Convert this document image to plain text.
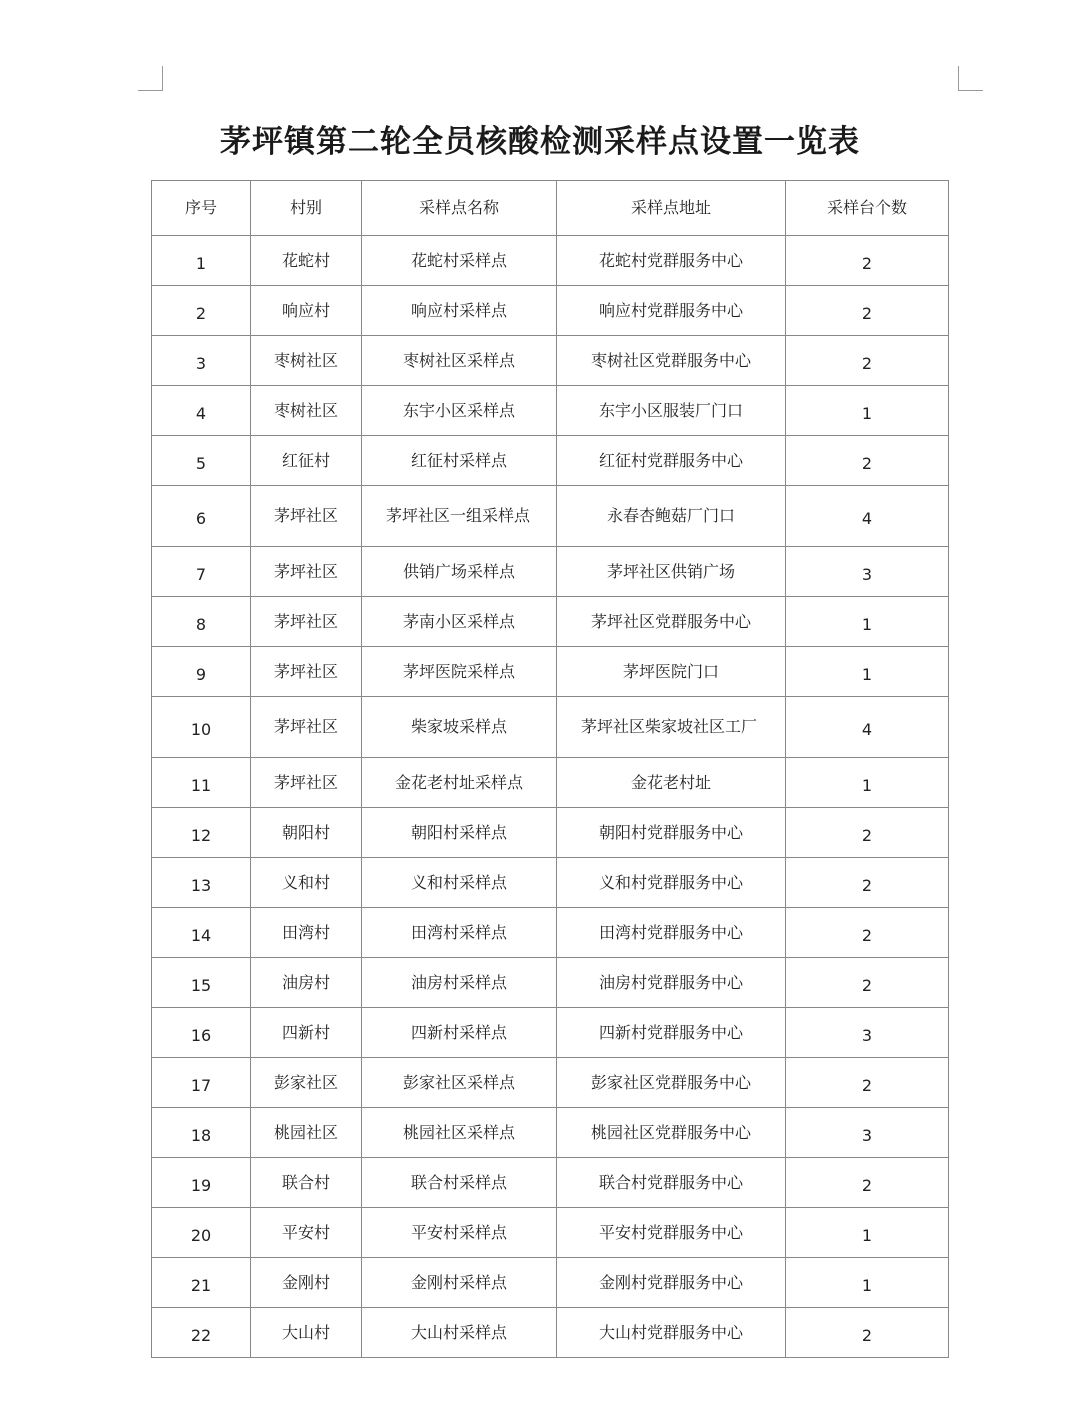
茅坪镇第二轮全员核酸检测采样点设置一览表
序号	村别	采样点名称	采样点地址	采样台个数
1	花蛇村	花蛇村采样点	花蛇村党群服务中心	2
2	响应村	响应村采样点	响应村党群服务中心	2
3	枣树社区	枣树社区采样点	枣树社区党群服务中心	2
4	枣树社区	东宇小区采样点	东宇小区服装厂门口	1
5	红征村	红征村采样点	红征村党群服务中心	2
6	茅坪社区	茅坪社区一组采样点	永春杏鲍菇厂门口	4
7	茅坪社区	供销广场采样点	茅坪社区供销广场	3
8	茅坪社区	茅南小区采样点	茅坪社区党群服务中心	1
9	茅坪社区	茅坪医院采样点	茅坪医院门口	1
10	茅坪社区	柴家坡采样点	茅坪社区柴家坡社区工厂	4
11	茅坪社区	金花老村址采样点	金花老村址	1
12	朝阳村	朝阳村采样点	朝阳村党群服务中心	2
13	义和村	义和村采样点	义和村党群服务中心	2
14	田湾村	田湾村采样点	田湾村党群服务中心	2
15	油房村	油房村采样点	油房村党群服务中心	2
16	四新村	四新村采样点	四新村党群服务中心	3
17	彭家社区	彭家社区采样点	彭家社区党群服务中心	2
18	桃园社区	桃园社区采样点	桃园社区党群服务中心	3
19	联合村	联合村采样点	联合村党群服务中心	2
20	平安村	平安村采样点	平安村党群服务中心	1
21	金刚村	金刚村采样点	金刚村党群服务中心	1
22	大山村	大山村采样点	大山村党群服务中心	2
